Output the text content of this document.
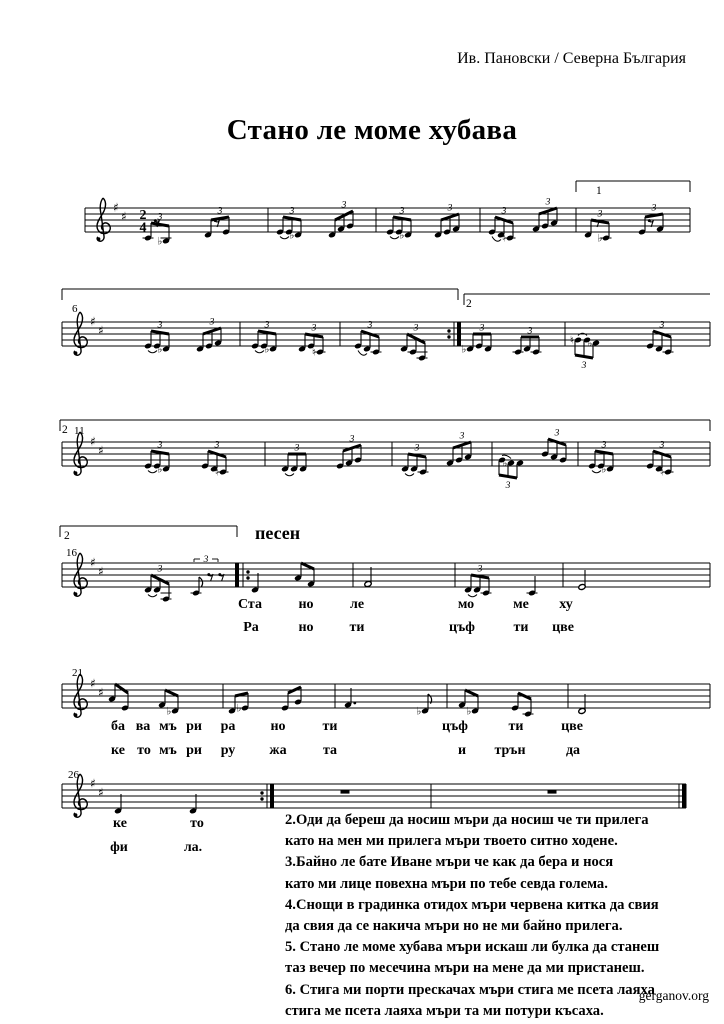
Ив. Пановски / Северна България
Стано ле моме хубава
1
♯
♯ 2
4
♭
3
3
♭
3
3
♭
3	3
♮
3
3
♭
3
3
2
6
♯
♯
♭
3	3
♭
3
♮
3	3	3
♭
3	3
♭
♮
3
3
2 11
♯
♯
♭
3
♮
3	3
3
3
3
♭
3
3
♭
3
♮
3
2
16
♯
♯	3
3
3
21
♯
♯
♭	♭	♭	♭
26
♯
♯
песен
Ста	но	ле	мо	ме ху
Ра	но	ти	цъф	ти цве
ба ва мъ ри ра	но	ти	цъф	ти	цве
ке то мъ ри ру жа	та	и трън	да
ке	то
фи	ла.
2.Оди да береш да носиш мъри да носиш че ти прилега
като на мен ми прилега мъри твоето ситно ходене.
3.Байно ле бате Иване мъри че как да бера и нося
като ми лице повехна мъри по тебе севда голема.
4.Снощи в градинка отидох мъри червена китка да свия
да свия да се накича мъри но не ми байно прилега.
5. Стано ле моме хубава мъри искаш ли булка да станеш
таз вечер по месечина мъри на мене да ми пристанеш.
6. Стига ми порти прескачах мъри стига ме псета лаяха
стига ме псета лаяха мъри та ми потури късаха.
gerganov.org
